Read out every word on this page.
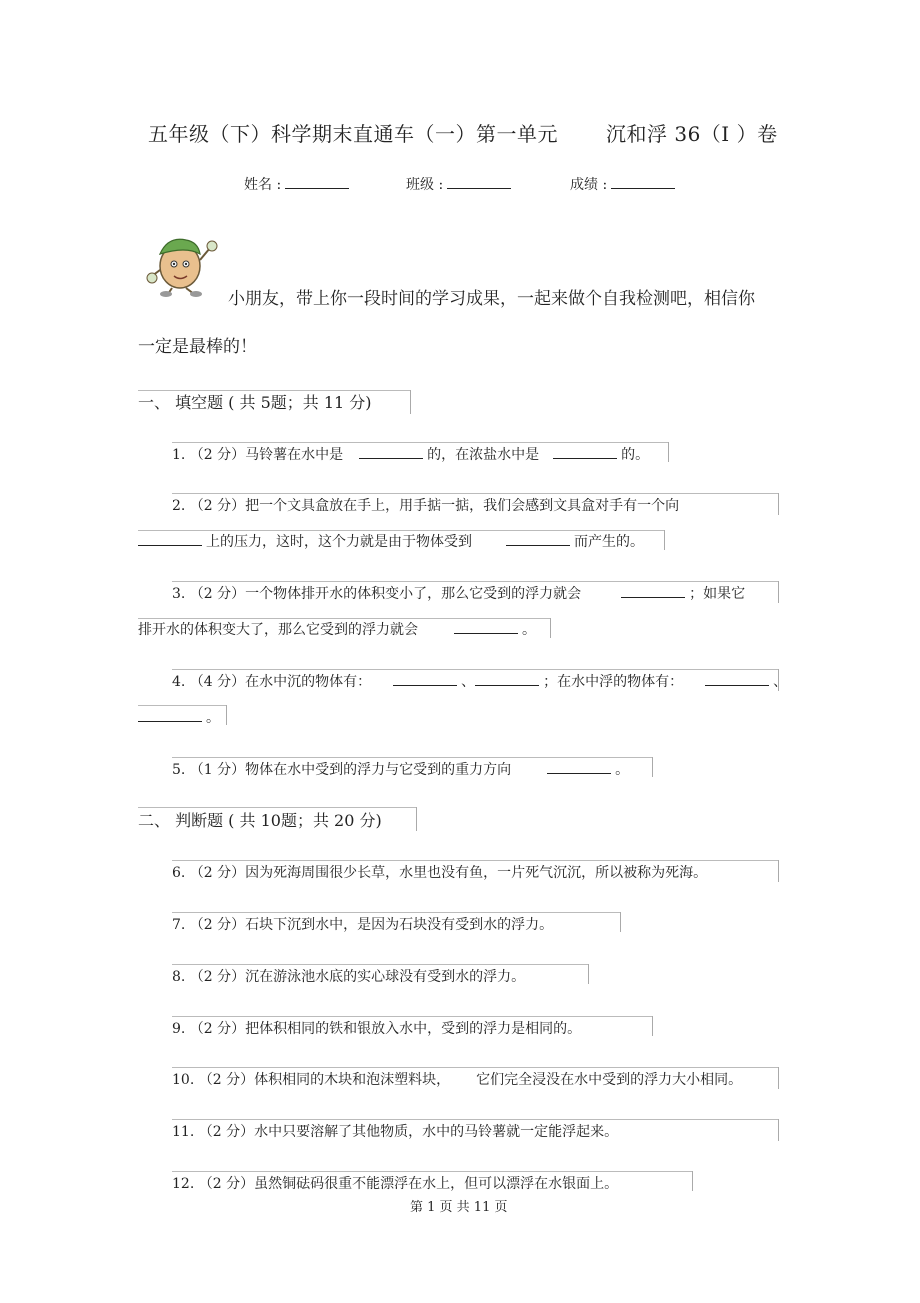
五年级（下）科学期末直通车（一）第一单元 沉和浮 36（I ）卷
姓名 :	班级 :	成绩 :
小朋友，带上你一段时间的学习成果，一起来做个自我检测吧，相信你
一定是最棒的！
一、 填空题 ( 共 5题；共 11 分)
1. （2 分）马铃薯在水中是	的，在浓盐水中是	的。
2. （2 分）把一个文具盒放在手上，用手掂一掂，我们会感到文具盒对手有一个向
上的压力，这时，这个力就是由于物体受到	而产生的。
3. （2 分）一个物体排开水的体积变小了，那么它受到的浮力就会	；如果它
排开水的体积变大了，那么它受到的浮力就会	。
4. （4 分）在水中沉的物体有：	、	；在水中浮的物体有：	、
。
5. （1 分）物体在水中受到的浮力与它受到的重力方向	。
二、 判断题 ( 共 10题；共 20 分)
6. （2 分）因为死海周围很少长草，水里也没有鱼，一片死气沉沉，所以被称为死海。
7. （2 分）石块下沉到水中，是因为石块没有受到水的浮力。
8. （2 分）沉在游泳池水底的实心球没有受到水的浮力。
9. （2 分）把体积相同的铁和银放入水中，受到的浮力是相同的。
10. （2 分）体积相同的木块和泡沫塑料块， 它们完全浸没在水中受到的浮力大小相同。
11. （2 分）水中只要溶解了其他物质，水中的马铃薯就一定能浮起来。
12. （2 分）虽然铜砝码很重不能漂浮在水上，但可以漂浮在水银面上。
第 1 页 共 11 页
